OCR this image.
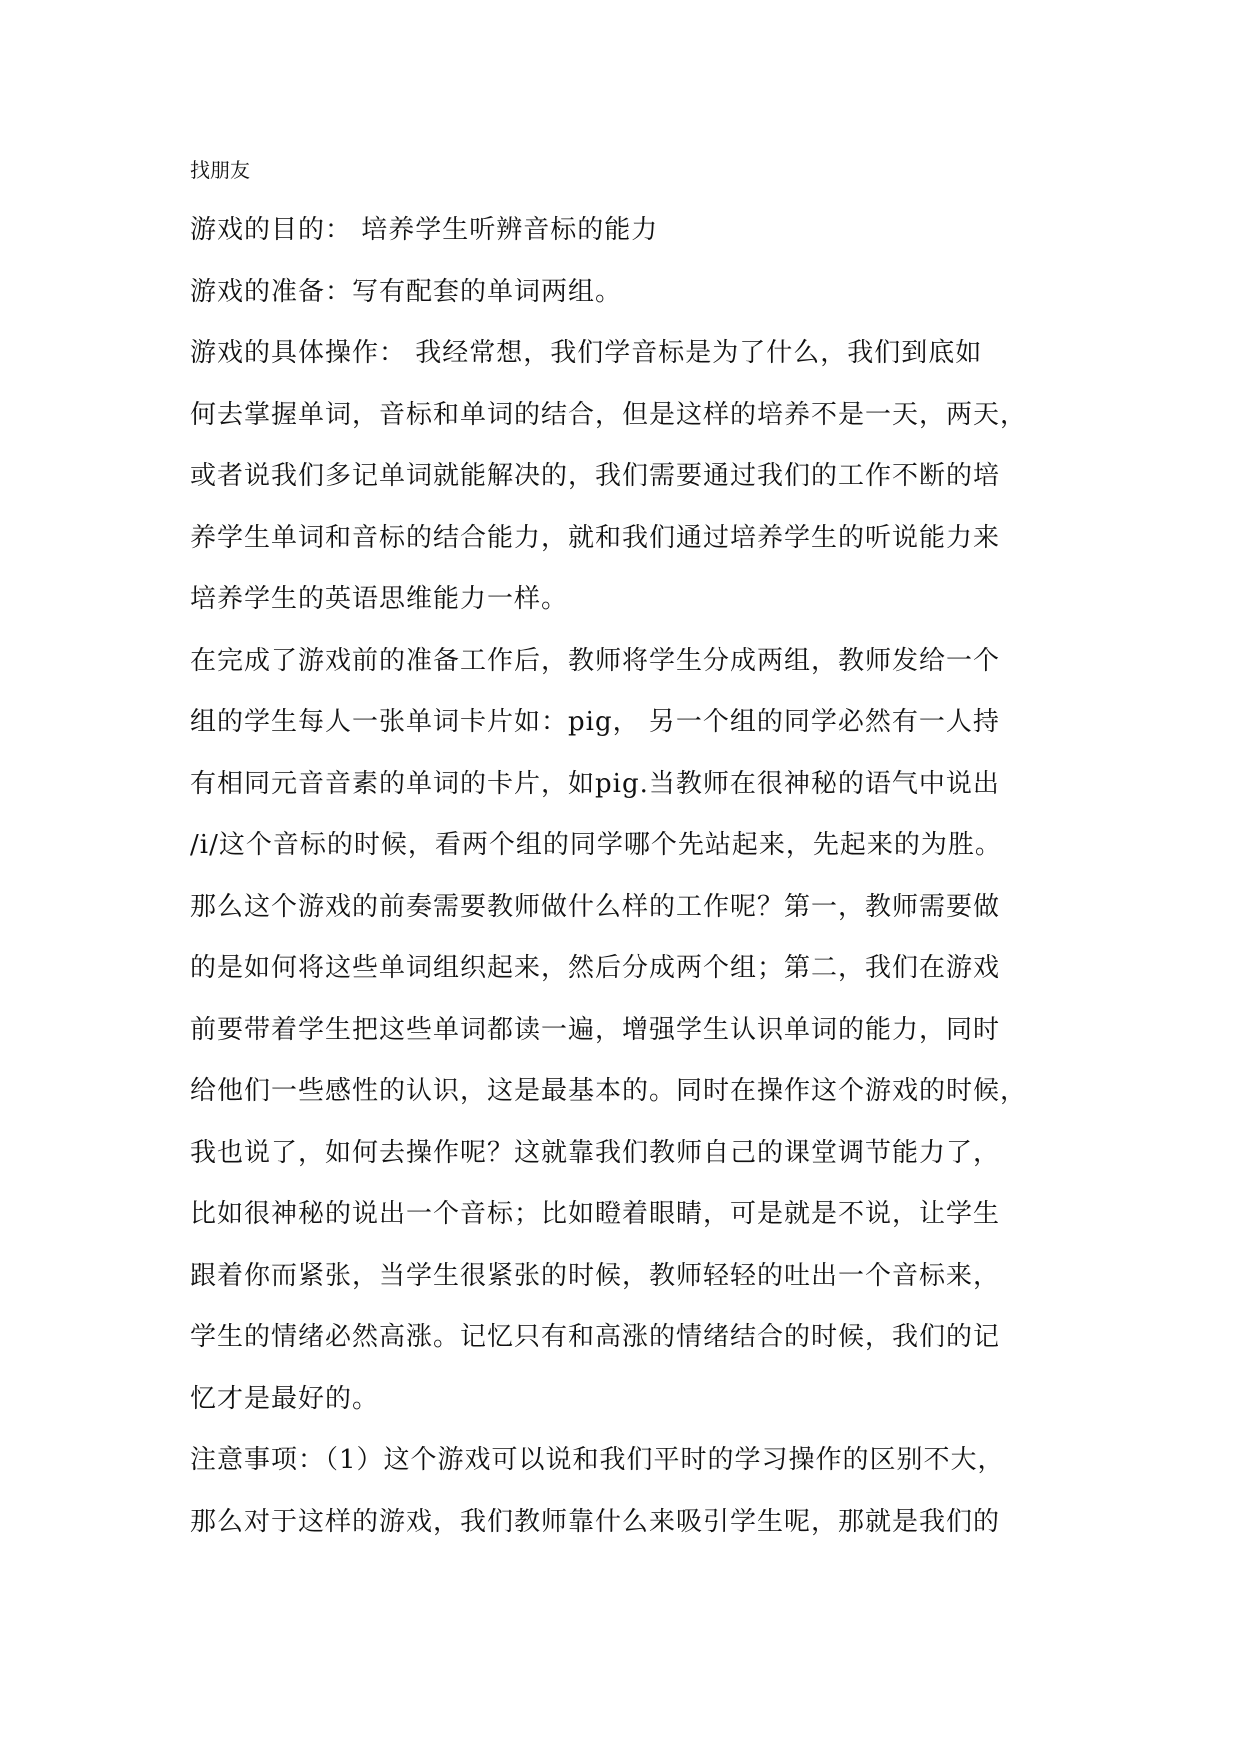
找朋友

游戏的目的： 培养学生听辨音标的能力
游戏的准备：写有配套的单词两组。
游戏的具体操作： 我经常想，我们学音标是为了什么，我们到底如
何去掌握单词，音标和单词的结合，但是这样的培养不是一天，两天，
或者说我们多记单词就能解决的，我们需要通过我们的工作不断的培
养学生单词和音标的结合能力，就和我们通过培养学生的听说能力来
培养学生的英语思维能力一样。
在完成了游戏前的准备工作后，教师将学生分成两组，教师发给一个
组的学生每人一张单词卡片如：pig， 另一个组的同学必然有一人持
有相同元音音素的单词的卡片，如pig.当教师在很神秘的语气中说出
/i/这个音标的时候，看两个组的同学哪个先站起来，先起来的为胜。
那么这个游戏的前奏需要教师做什么样的工作呢？第一，教师需要做
的是如何将这些单词组织起来，然后分成两个组；第二，我们在游戏
前要带着学生把这些单词都读一遍，增强学生认识单词的能力，同时
给他们一些感性的认识，这是最基本的。同时在操作这个游戏的时候，
我也说了，如何去操作呢？这就靠我们教师自己的课堂调节能力了，
比如很神秘的说出一个音标；比如瞪着眼睛，可是就是不说，让学生
跟着你而紧张，当学生很紧张的时候，教师轻轻的吐出一个音标来，
学生的情绪必然高涨。记忆只有和高涨的情绪结合的时候，我们的记
忆才是最好的。
注意事项：（1）这个游戏可以说和我们平时的学习操作的区别不大，
那么对于这样的游戏，我们教师靠什么来吸引学生呢，那就是我们的
